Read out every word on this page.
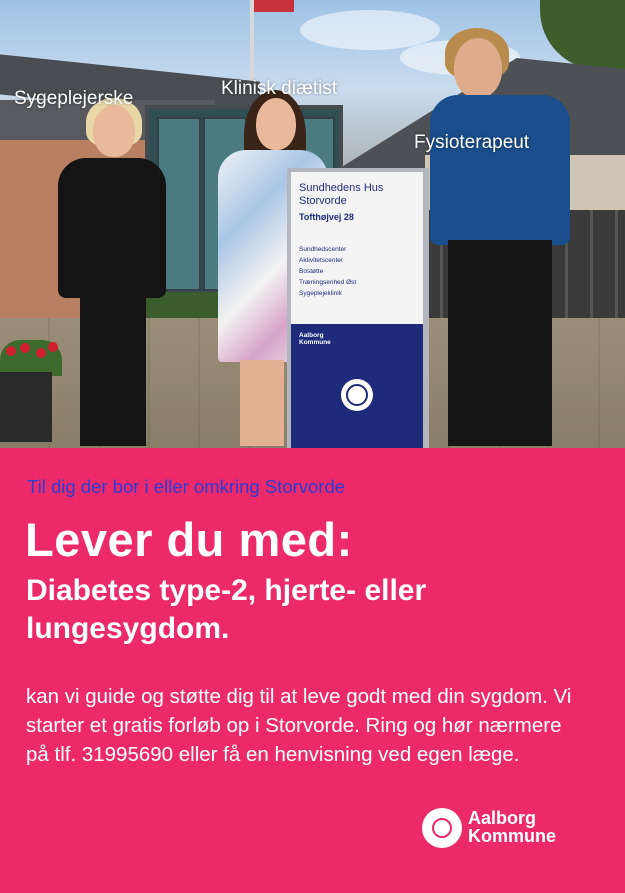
Sundhedens Hus Storvorde
Tofthøjvej 28
Sundhedscenter
Aktivitetscenter
Bostøtte
Træningsenhed Øst
Sygeplejeklinik
Aalborg
Kommune
Sygeplejerske	Klinisk diætist
Fysioterapeut
Til dig der bor i eller omkring Storvorde
Lever du med:
Diabetes type-2, hjerte- eller lungesygdom.
kan vi guide og støtte dig til at leve godt med din sygdom. Vi starter et gratis forløb op i Storvorde. Ring og hør nærmere på tlf. 31995690 eller få en henvisning ved egen læge.
Aalborg
Kommune
